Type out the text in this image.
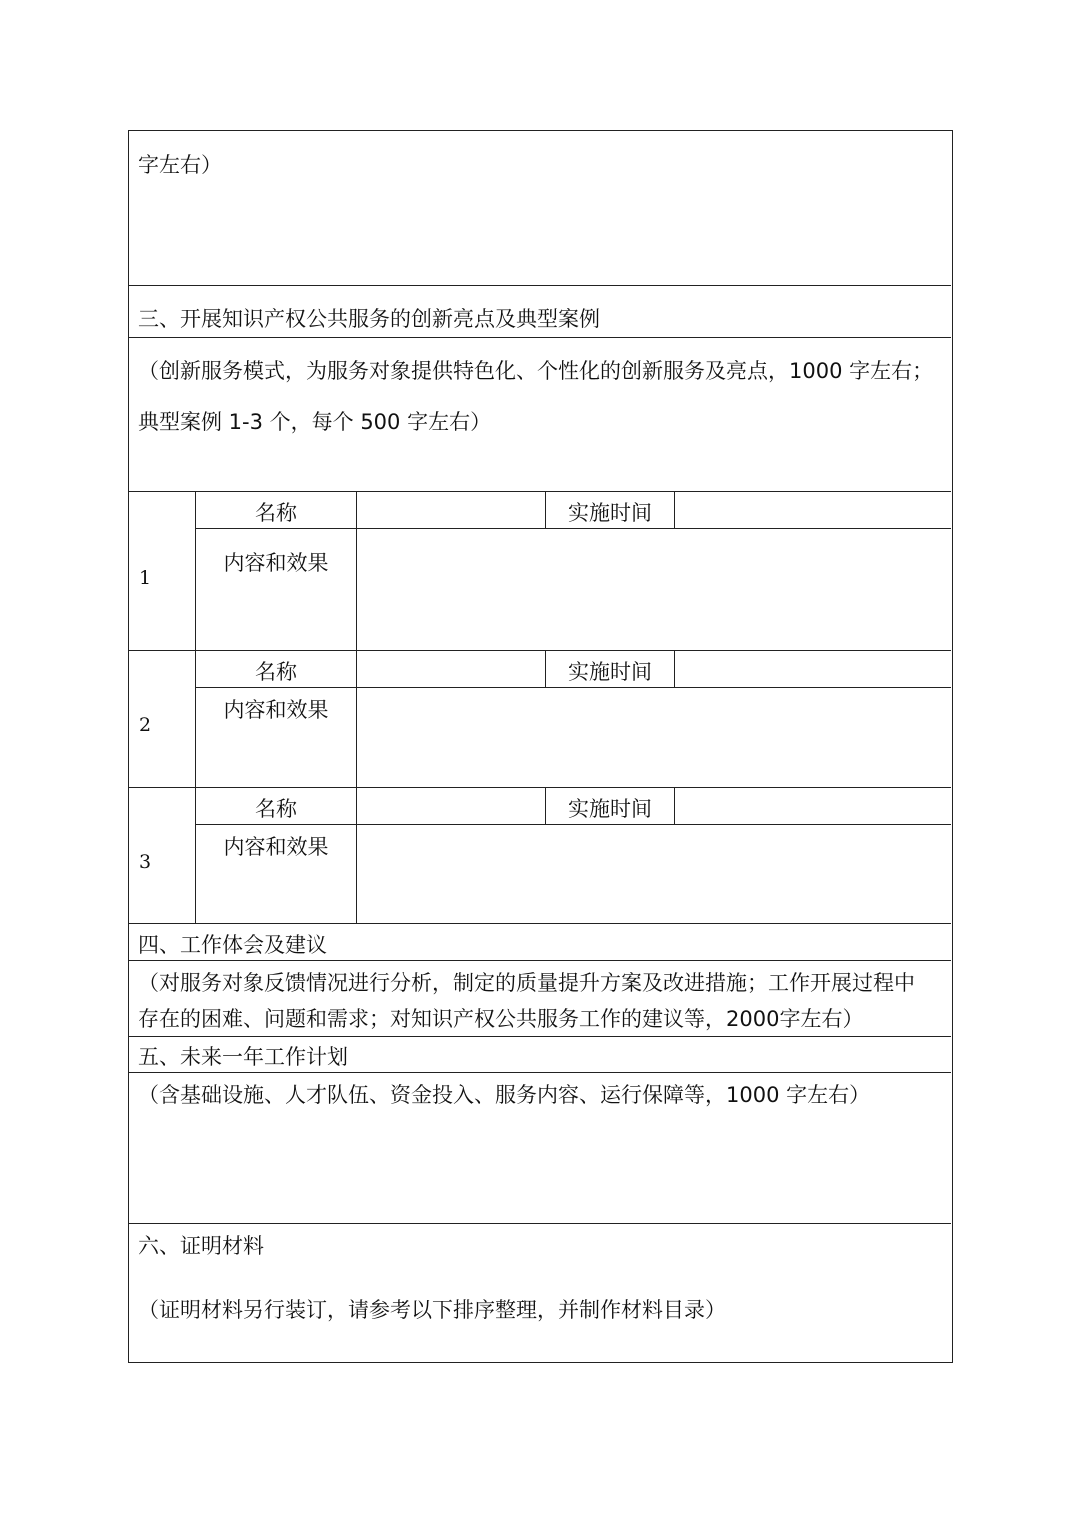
字左右）
三、开展知识产权公共服务的创新亮点及典型案例
（创新服务模式，为服务对象提供特色化、个性化的创新服务及亮点，1000 字左右；
典型案例 1-3 个，每个 500 字左右）
1
名称	实施时间
内容和效果
2
名称	实施时间
内容和效果
3
名称	实施时间
内容和效果
四、工作体会及建议
（对服务对象反馈情况进行分析，制定的质量提升方案及改进措施；工作开展过程中
存在的困难、问题和需求；对知识产权公共服务工作的建议等，2000字左右）
五、未来一年工作计划
（含基础设施、人才队伍、资金投入、服务内容、运行保障等，1000 字左右）
六、证明材料
（证明材料另行装订，请参考以下排序整理，并制作材料目录）
